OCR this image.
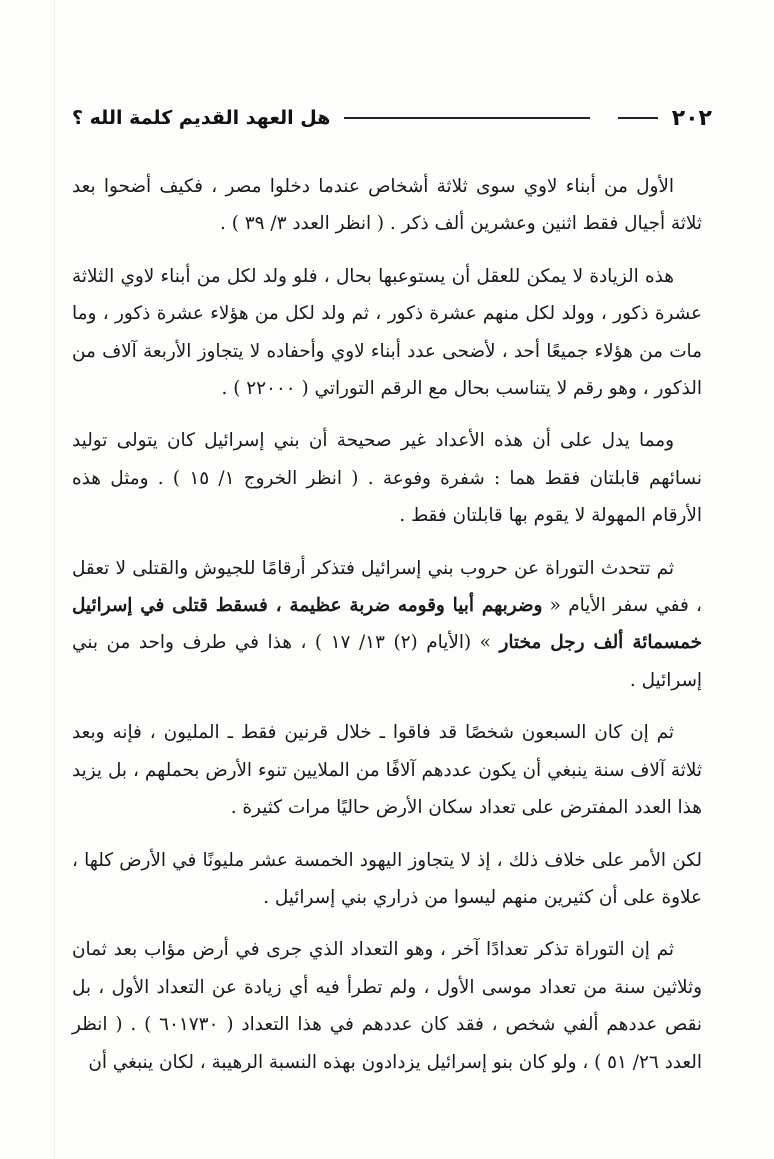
٢٠٢
هل العهد القديم كلمة الله ؟

الأول من أبناء لاوي سوى ثلاثة أشخاص عندما دخلوا مصر ، فكيف أضحوا بعد ثلاثة أجيال فقط اثنين وعشرين ألف ذكر . ( انظر العدد ٣/ ٣٩ ) .

هذه الزيادة لا يمكن للعقل أن يستوعبها بحال ، فلو ولد لكل من أبناء لاوي الثلاثة عشرة ذكور ، وولد لكل منهم عشرة ذكور ، ثم ولد لكل من هؤلاء عشرة ذكور ، وما مات من هؤلاء جميعًا أحد ، لأضحى عدد أبناء لاوي وأحفاده لا يتجاوز الأربعة آلاف من الذكور ، وهو رقم لا يتناسب بحال مع الرقم التوراتي ( ٢٢٠٠٠ ) .

ومما يدل على أن هذه الأعداد غير صحيحة أن بني إسرائيل كان يتولى توليد نسائهم قابلتان فقط هما : شفرة وفوعة . ( انظر الخروج ١/ ١٥ ) . ومثل هذه الأرقام المهولة لا يقوم بها قابلتان فقط .

ثم تتحدث التوراة عن حروب بني إسرائيل فتذكر أرقامًا للجيوش والقتلى لا تعقل ، ففي سفر الأيام « وضربهم أبيا وقومه ضربة عظيمة ، فسقط قتلى في إسرائيل خمسمائة ألف رجل مختار » (الأيام (٢) ١٣/ ١٧ ) ، هذا في طرف واحد من بني إسرائيل .

ثم إن كان السبعون شخصًا قد فاقوا ـ خلال قرنين فقط ـ المليون ، فإنه وبعد ثلاثة آلاف سنة ينبغي أن يكون عددهم آلافًا من الملايين تنوء الأرض بحملهم ، بل يزيد هذا العدد المفترض على تعداد سكان الأرض حاليًا مرات كثيرة .

لكن الأمر على خلاف ذلك ، إذ لا يتجاوز اليهود الخمسة عشر مليونًا في الأرض كلها ، علاوة على أن كثيرين منهم ليسوا من ذراري بني إسرائيل .

ثم إن التوراة تذكر تعدادًا آخر ، وهو التعداد الذي جرى في أرض مؤاب بعد ثمان وثلاثين سنة من تعداد موسى الأول ، ولم تطرأ فيه أي زيادة عن التعداد الأول ، بل نقص عددهم ألفي شخص ، فقد كان عددهم في هذا التعداد ( ٦٠١٧٣٠ ) . ( انظر العدد ٢٦/ ٥١ ) ، ولو كان بنو إسرائيل يزدادون بهذه النسبة الرهيبة ، لكان ينبغي أن
